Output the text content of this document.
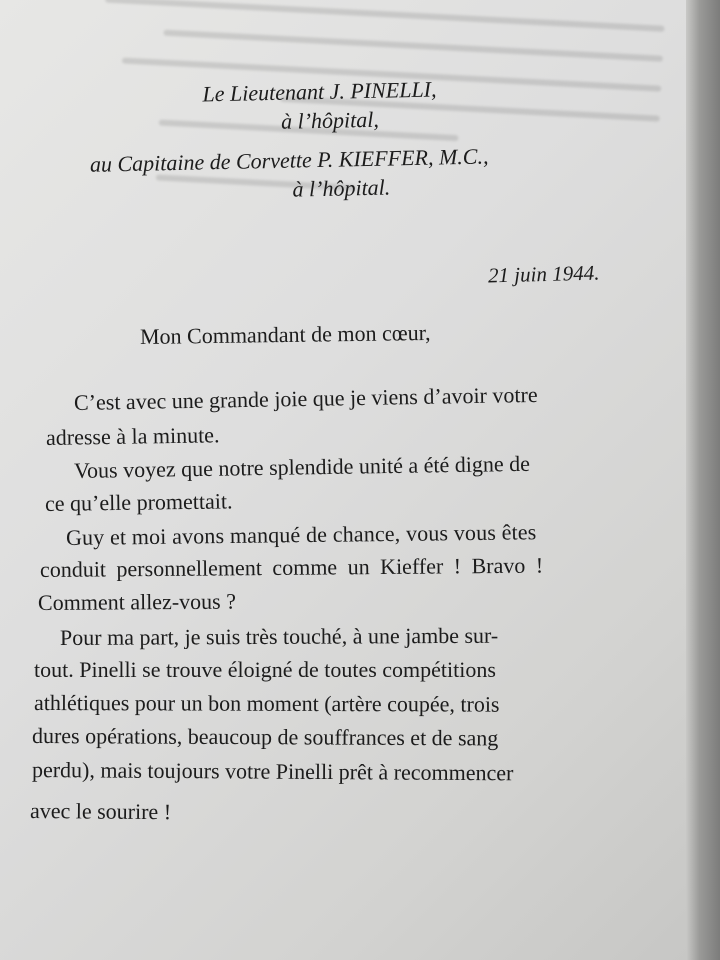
Le Lieutenant J. PINELLI,
à l’hôpital,
au Capitaine de Corvette P. KIEFFER, M.C.,
à l’hôpital.
21 juin 1944.
Mon Commandant de mon cœur,
C’est avec une grande joie que je viens d’avoir votre
adresse à la minute.
Vous voyez que notre splendide unité a été digne de
ce qu’elle promettait.
Guy et moi avons manqué de chance, vous vous êtes
conduit personnellement comme un Kieffer ! Bravo !
Comment allez-vous ?
Pour ma part, je suis très touché, à une jambe sur-
tout. Pinelli se trouve éloigné de toutes compétitions
athlétiques pour un bon moment (artère coupée, trois
dures opérations, beaucoup de souffrances et de sang
perdu), mais toujours votre Pinelli prêt à recommencer
avec le sourire !
